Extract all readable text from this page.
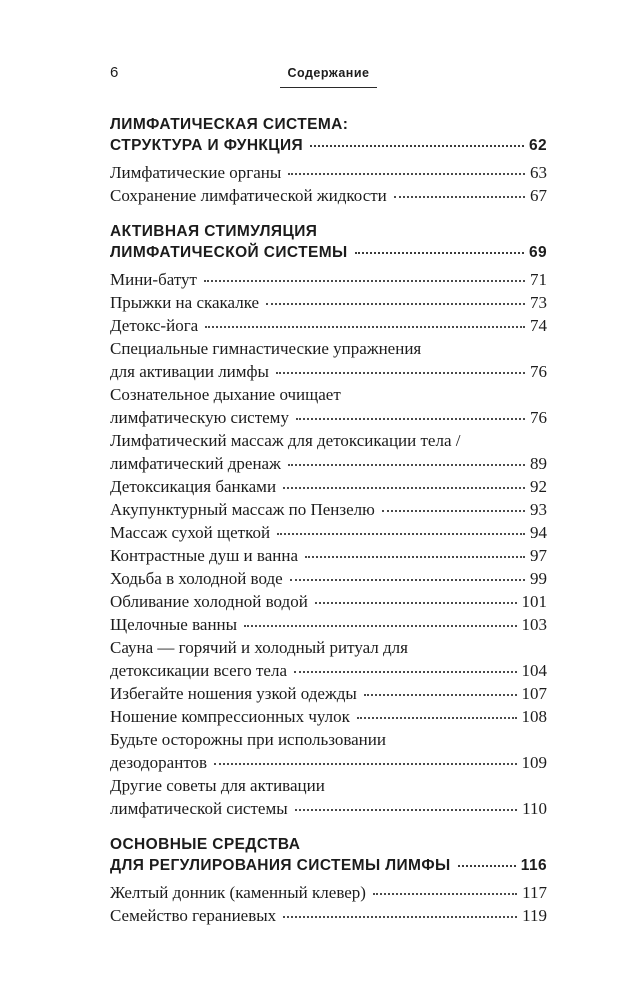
6	Содержание
ЛИМФАТИЧЕСКАЯ СИСТЕМА:
СТРУКТУРА И ФУНКЦИЯ	62
Лимфатические органы	63
Сохранение лимфатической жидкости	67
АКТИВНАЯ СТИМУЛЯЦИЯ
ЛИМФАТИЧЕСКОЙ СИСТЕМЫ	69
Мини-батут	71
Прыжки на скакалке	73
Детокс-йога	74
Специальные гимнастические упражнения
для активации лимфы	76
Сознательное дыхание очищает
лимфатическую систему	76
Лимфатический массаж для детоксикации тела /
лимфатический дренаж	89
Детоксикация банками	92
Акупунктурный массаж по Пензелю	93
Массаж сухой щеткой	94
Контрастные душ и ванна	97
Ходьба в холодной воде	99
Обливание холодной водой	101
Щелочные ванны	103
Сауна — горячий и холодный ритуал для
детоксикации всего тела	104
Избегайте ношения узкой одежды	107
Ношение компрессионных чулок	108
Будьте осторожны при использовании
дезодорантов	109
Другие советы для активации
лимфатической системы	110
ОСНОВНЫЕ СРЕДСТВА
ДЛЯ РЕГУЛИРОВАНИЯ СИСТЕМЫ ЛИМФЫ	116
Желтый донник (каменный клевер)	117
Семейство гераниевых	119
